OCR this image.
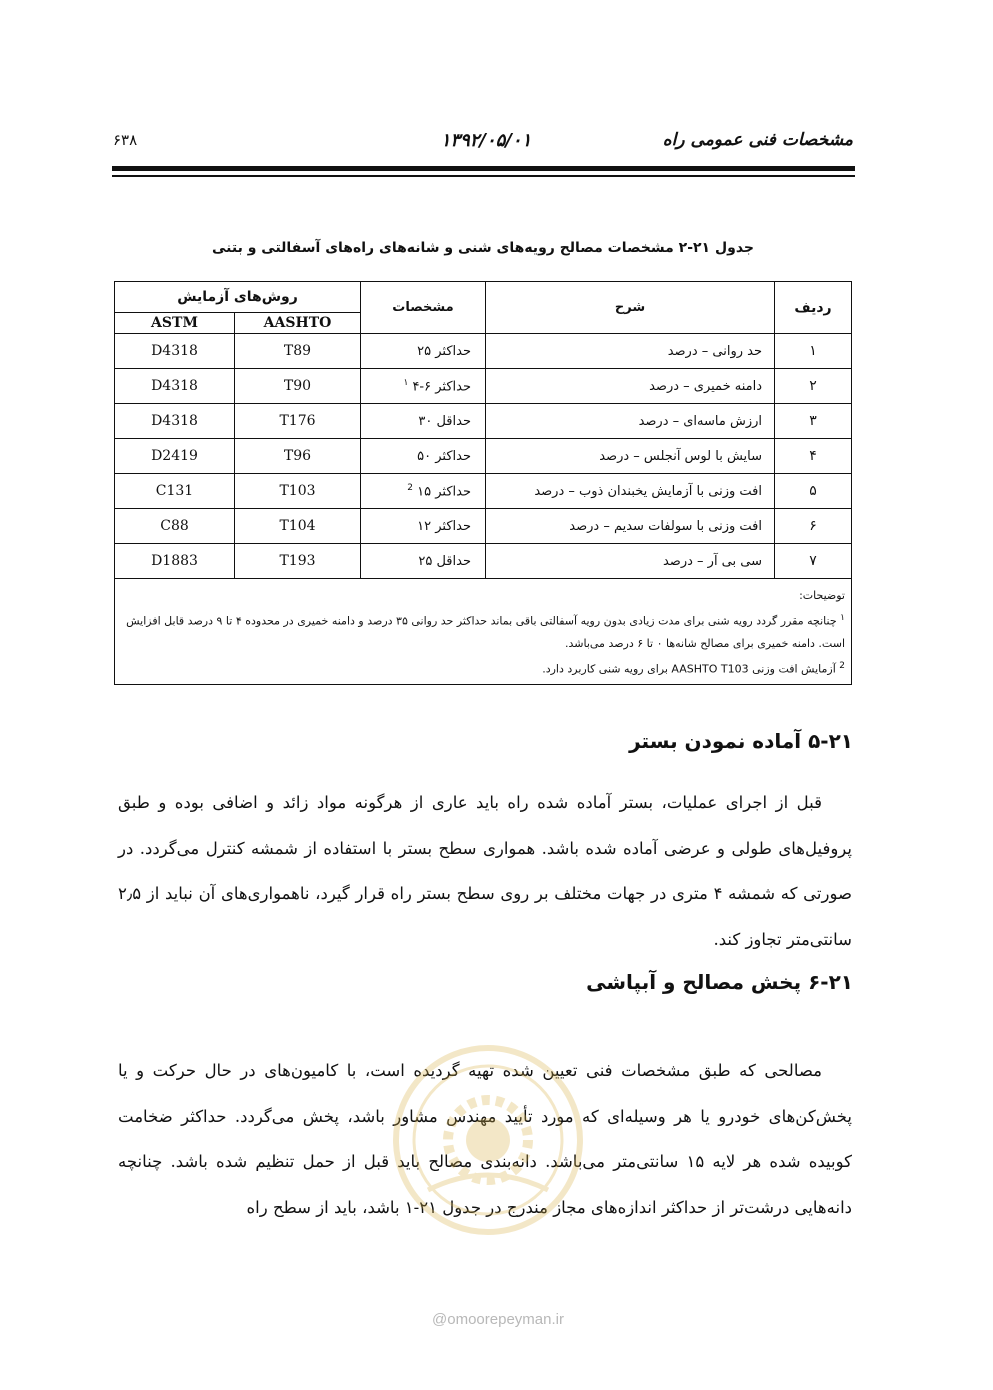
مشخصات فنی عمومی راه
۱۳۹۲/۰۵/۰۱
۶۳۸
جدول ۲۱-۲ مشخصات مصالح رویه‌های شنی و شانه‌های راه‌های آسفالتی و بتنی
ردیف	شرح	مشخصات	روش‌های آزمایش	
			AASHTO	ASTM
۱	حد روانی – درصد	حداکثر ۲۵	T89	D4318
۲	دامنه خمیری – درصد	حداکثر ۶-۴ $^۱$	T90	D4318
۳	ارزش ماسه‌ای – درصد	حداقل ۳۰	T176	D4318
۴	سایش با لوس آنجلس – درصد	حداکثر ۵۰	T96	D2419
۵	افت وزنی با آزمایش یخبندان ذوب – درصد	حداکثر ۱۵ $^2$	T103	C131
۶	افت وزنی با سولفات سدیم – درصد	حداکثر ۱۲	T104	C88
۷	سی بی آر – درصد	حداقل ۲۵	T193	D1883

توضیحات:
$^۱$ چنانچه مقرر گردد رویه شنی برای مدت زیادی بدون رویه آسفالتی باقی بماند حداکثر حد روانی ۳۵ درصد و دامنه خمیری در محدوده ۴ تا ۹ درصد قابل افزایش است. دامنه خمیری برای مصالح شانه‌ها ۰ تا ۶ درصد می‌باشد.
$^2$ آزمایش افت وزنی AASHTO T103 برای رویه شنی کاربرد دارد.				
۵-۲۱ آماده نمودن بستر

قبل از اجرای عملیات، بستر آماده شده راه باید عاری از هرگونه مواد زائد و اضافی بوده و طبق پروفیل‌های طولی و عرضی آماده شده باشد. همواری سطح بستر با استفاده از شمشه کنترل می‌گردد. در صورتی که شمشه ۴ متری در جهات مختلف بر روی سطح بستر راه قرار گیرد، ناهمواری‌های آن نباید از ۲٫۵ سانتی‌متر تجاوز کند.

۶-۲۱ پخش مصالح و آبپاشی

مصالحی که طبق مشخصات فنی تعیین شده تهیه گردیده است، با کامیون‌های در حال حرکت و یا پخش‌کن‌های خودرو یا هر وسیله‌ای که مورد تأیید مهندس مشاور باشد، پخش می‌گردد. حداکثر ضخامت کوبیده شده هر لایه ۱۵ سانتی‌متر می‌باشد. دانه‌بندی مصالح باید قبل از حمل تنظیم شده باشد. چنانچه دانه‌هایی درشت‌تر از حداکثر اندازه‌های مجاز مندرج در جدول ۲۱-۱ باشد، باید از سطح راه

@omoorepeyman.ir
